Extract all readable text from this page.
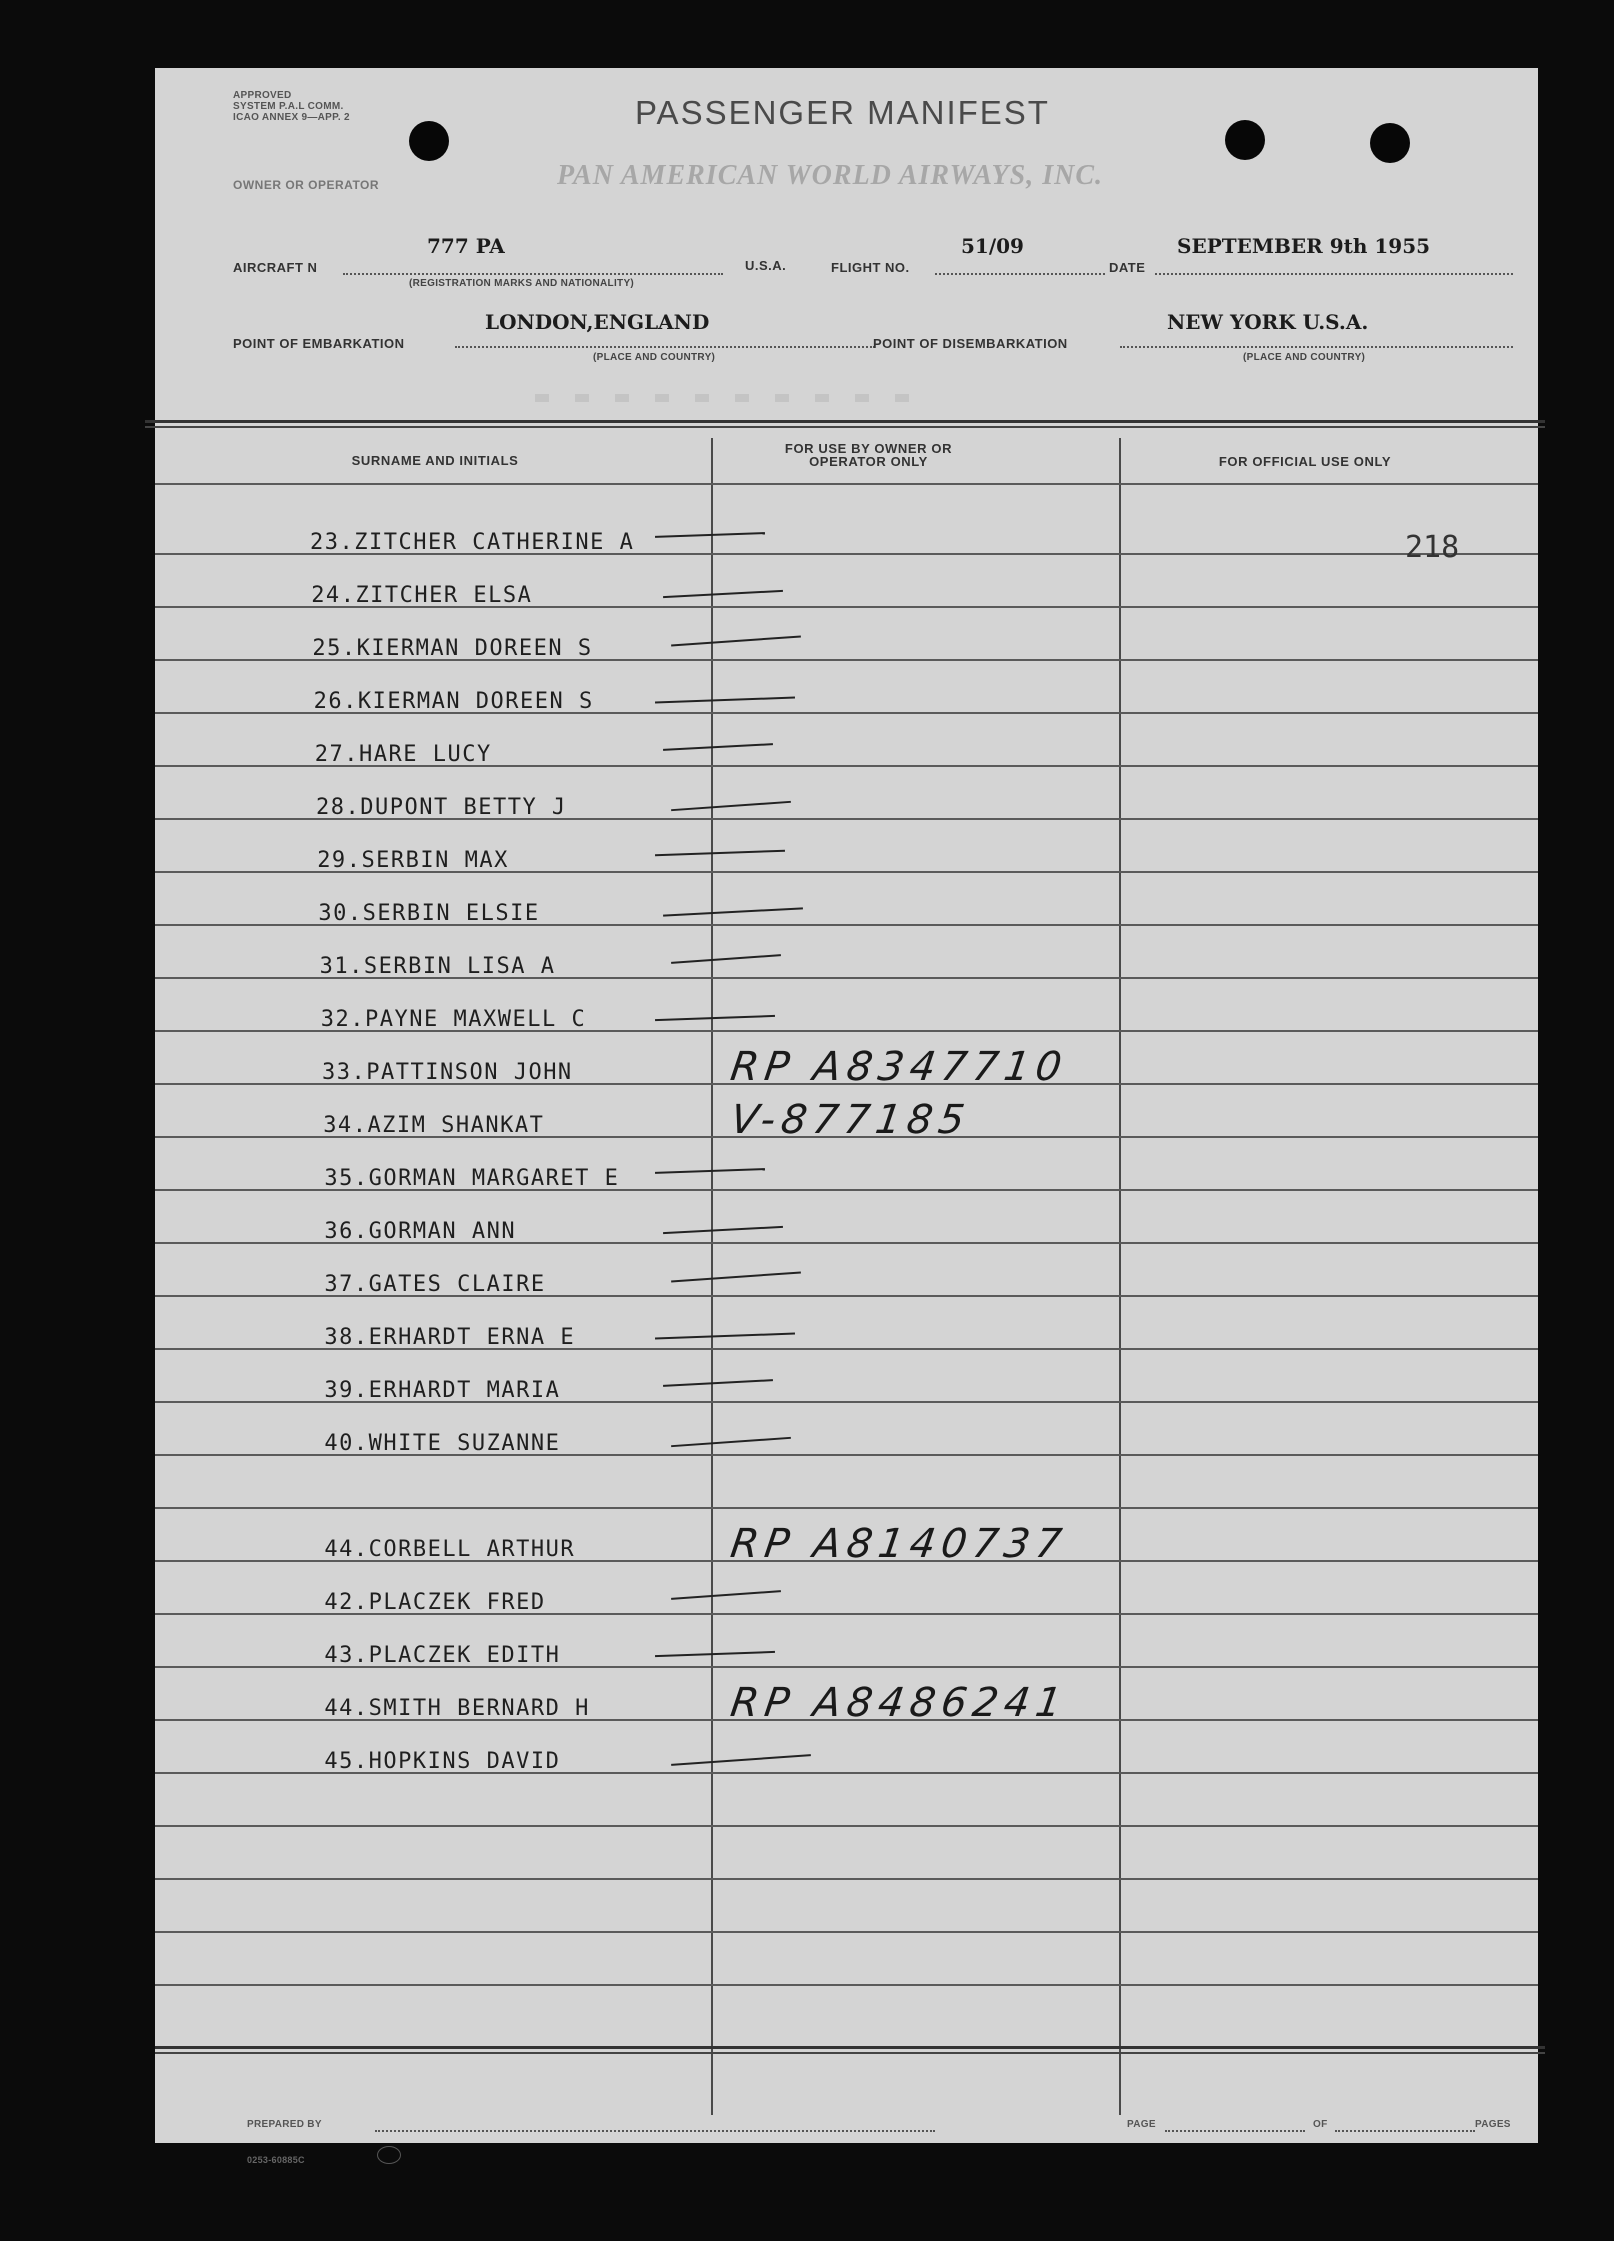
APPROVED
SYSTEM P.A.L COMM.
ICAO ANNEX 9—APP. 2	PASSENGER MANIFEST
OWNER OR OPERATOR	PAN AMERICAN WORLD AIRWAYS, INC.
AIRCRAFT N
777 PA
(REGISTRATION MARKS AND NATIONALITY)
U.S.A.	FLIGHT NO.
51/09
DATE
SEPTEMBER 9th 1955
POINT OF EMBARKATION
LONDON,ENGLAND
(PLACE AND COUNTRY)
POINT OF DISEMBARKATION
NEW YORK U.S.A.
(PLACE AND COUNTRY)
SURNAME AND INITIALS
FOR USE BY OWNER OR OPERATOR ONLY	FOR OFFICIAL USE ONLY
23.ZITCHER CATHERINE A
24.ZITCHER ELSA
25.KIERMAN DOREEN S
26.KIERMAN DOREEN S
27.HARE LUCY
28.DUPONT BETTY J
29.SERBIN MAX
30.SERBIN ELSIE
31.SERBIN LISA A
32.PAYNE MAXWELL C
33.PATTINSON JOHN	RP A8347710
34.AZIM SHANKAT	V-877185
35.GORMAN MARGARET E
36.GORMAN ANN
37.GATES CLAIRE
38.ERHARDT ERNA E
39.ERHARDT MARIA
40.WHITE SUZANNE
44.CORBELL ARTHUR	RP A8140737
42.PLACZEK FRED
43.PLACZEK EDITH
44.SMITH BERNARD H	RP A8486241
45.HOPKINS DAVID
218
PREPARED BY	PAGE	OF	PAGES
0253-60885C
